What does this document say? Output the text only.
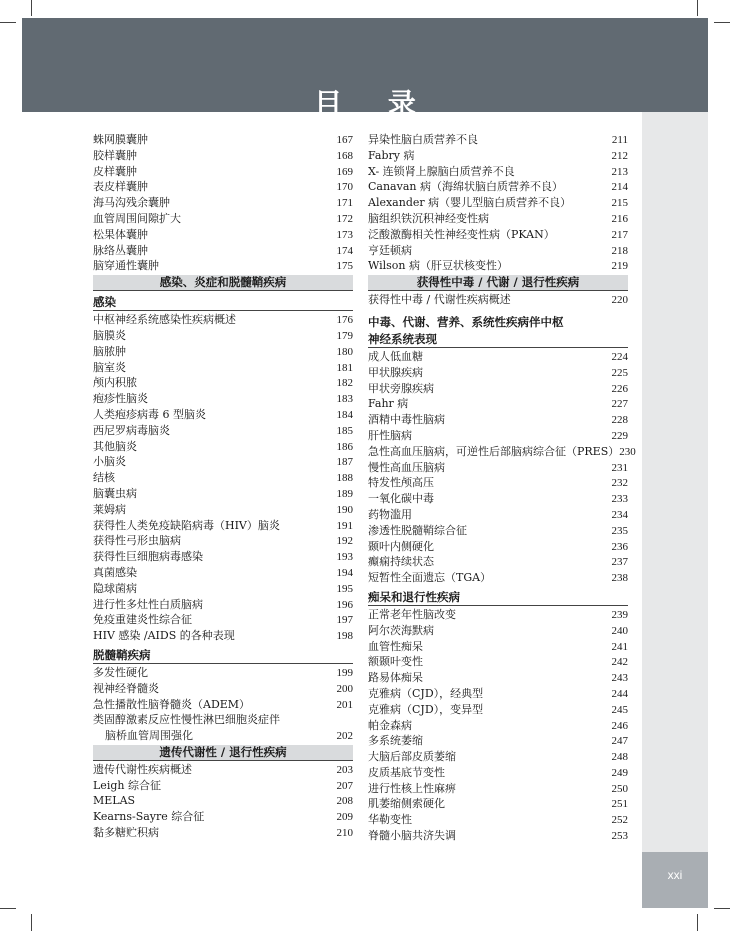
目 录
xxi
蛛网膜囊肿	167
胶样囊肿	168
皮样囊肿	169
表皮样囊肿	170
海马沟残余囊肿	171
血管周围间隙扩大	172
松果体囊肿	173
脉络丛囊肿	174
脑穿通性囊肿	175
感染、炎症和脱髓鞘疾病
感染
中枢神经系统感染性疾病概述	176
脑膜炎	179
脑脓肿	180
脑室炎	181
颅内积脓	182
疱疹性脑炎	183
人类疱疹病毒 6 型脑炎	184
西尼罗病毒脑炎	185
其他脑炎	186
小脑炎	187
结核	188
脑囊虫病	189
莱姆病	190
获得性人类免疫缺陷病毒（HIV）脑炎	191
获得性弓形虫脑病	192
获得性巨细胞病毒感染	193
真菌感染	194
隐球菌病	195
进行性多灶性白质脑病	196
免疫重建炎性综合征	197
HIV 感染 /AIDS 的各种表现	198
脱髓鞘疾病
多发性硬化	199
视神经脊髓炎	200
急性播散性脑脊髓炎（ADEM）	201
类固醇激素反应性慢性淋巴细胞炎症伴
脑桥血管周围强化	202
遗传代谢性 / 退行性疾病
遗传代谢性疾病概述	203
Leigh 综合征	207
MELAS	208
Kearns-Sayre 综合征	209
黏多糖贮积病	210
异染性脑白质营养不良	211
Fabry 病	212
X- 连锁肾上腺脑白质营养不良	213
Canavan 病（海绵状脑白质营养不良）	214
Alexander 病（婴儿型脑白质营养不良）	215
脑组织铁沉积神经变性病	216
泛酸激酶相关性神经变性病（PKAN）	217
亨廷顿病	218
Wilson 病（肝豆状核变性）	219
获得性中毒 / 代谢 / 退行性疾病
获得性中毒 / 代谢性疾病概述	220
中毒、代谢、营养、系统性疾病伴中枢
神经系统表现
成人低血糖	224
甲状腺疾病	225
甲状旁腺疾病	226
Fahr 病	227
酒精中毒性脑病	228
肝性脑病	229
急性高血压脑病，可逆性后部脑病综合征（PRES） 230
慢性高血压脑病	231
特发性颅高压	232
一氧化碳中毒	233
药物滥用	234
渗透性脱髓鞘综合征	235
颞叶内侧硬化	236
癫痫持续状态	237
短暂性全面遗忘（TGA）	238
痴呆和退行性疾病
正常老年性脑改变	239
阿尔茨海默病	240
血管性痴呆	241
额颞叶变性	242
路易体痴呆	243
克雅病（CJD），经典型	244
克雅病（CJD），变异型	245
帕金森病	246
多系统萎缩	247
大脑后部皮质萎缩	248
皮质基底节变性	249
进行性核上性麻痹	250
肌萎缩侧索硬化	251
华勒变性	252
脊髓小脑共济失调	253
